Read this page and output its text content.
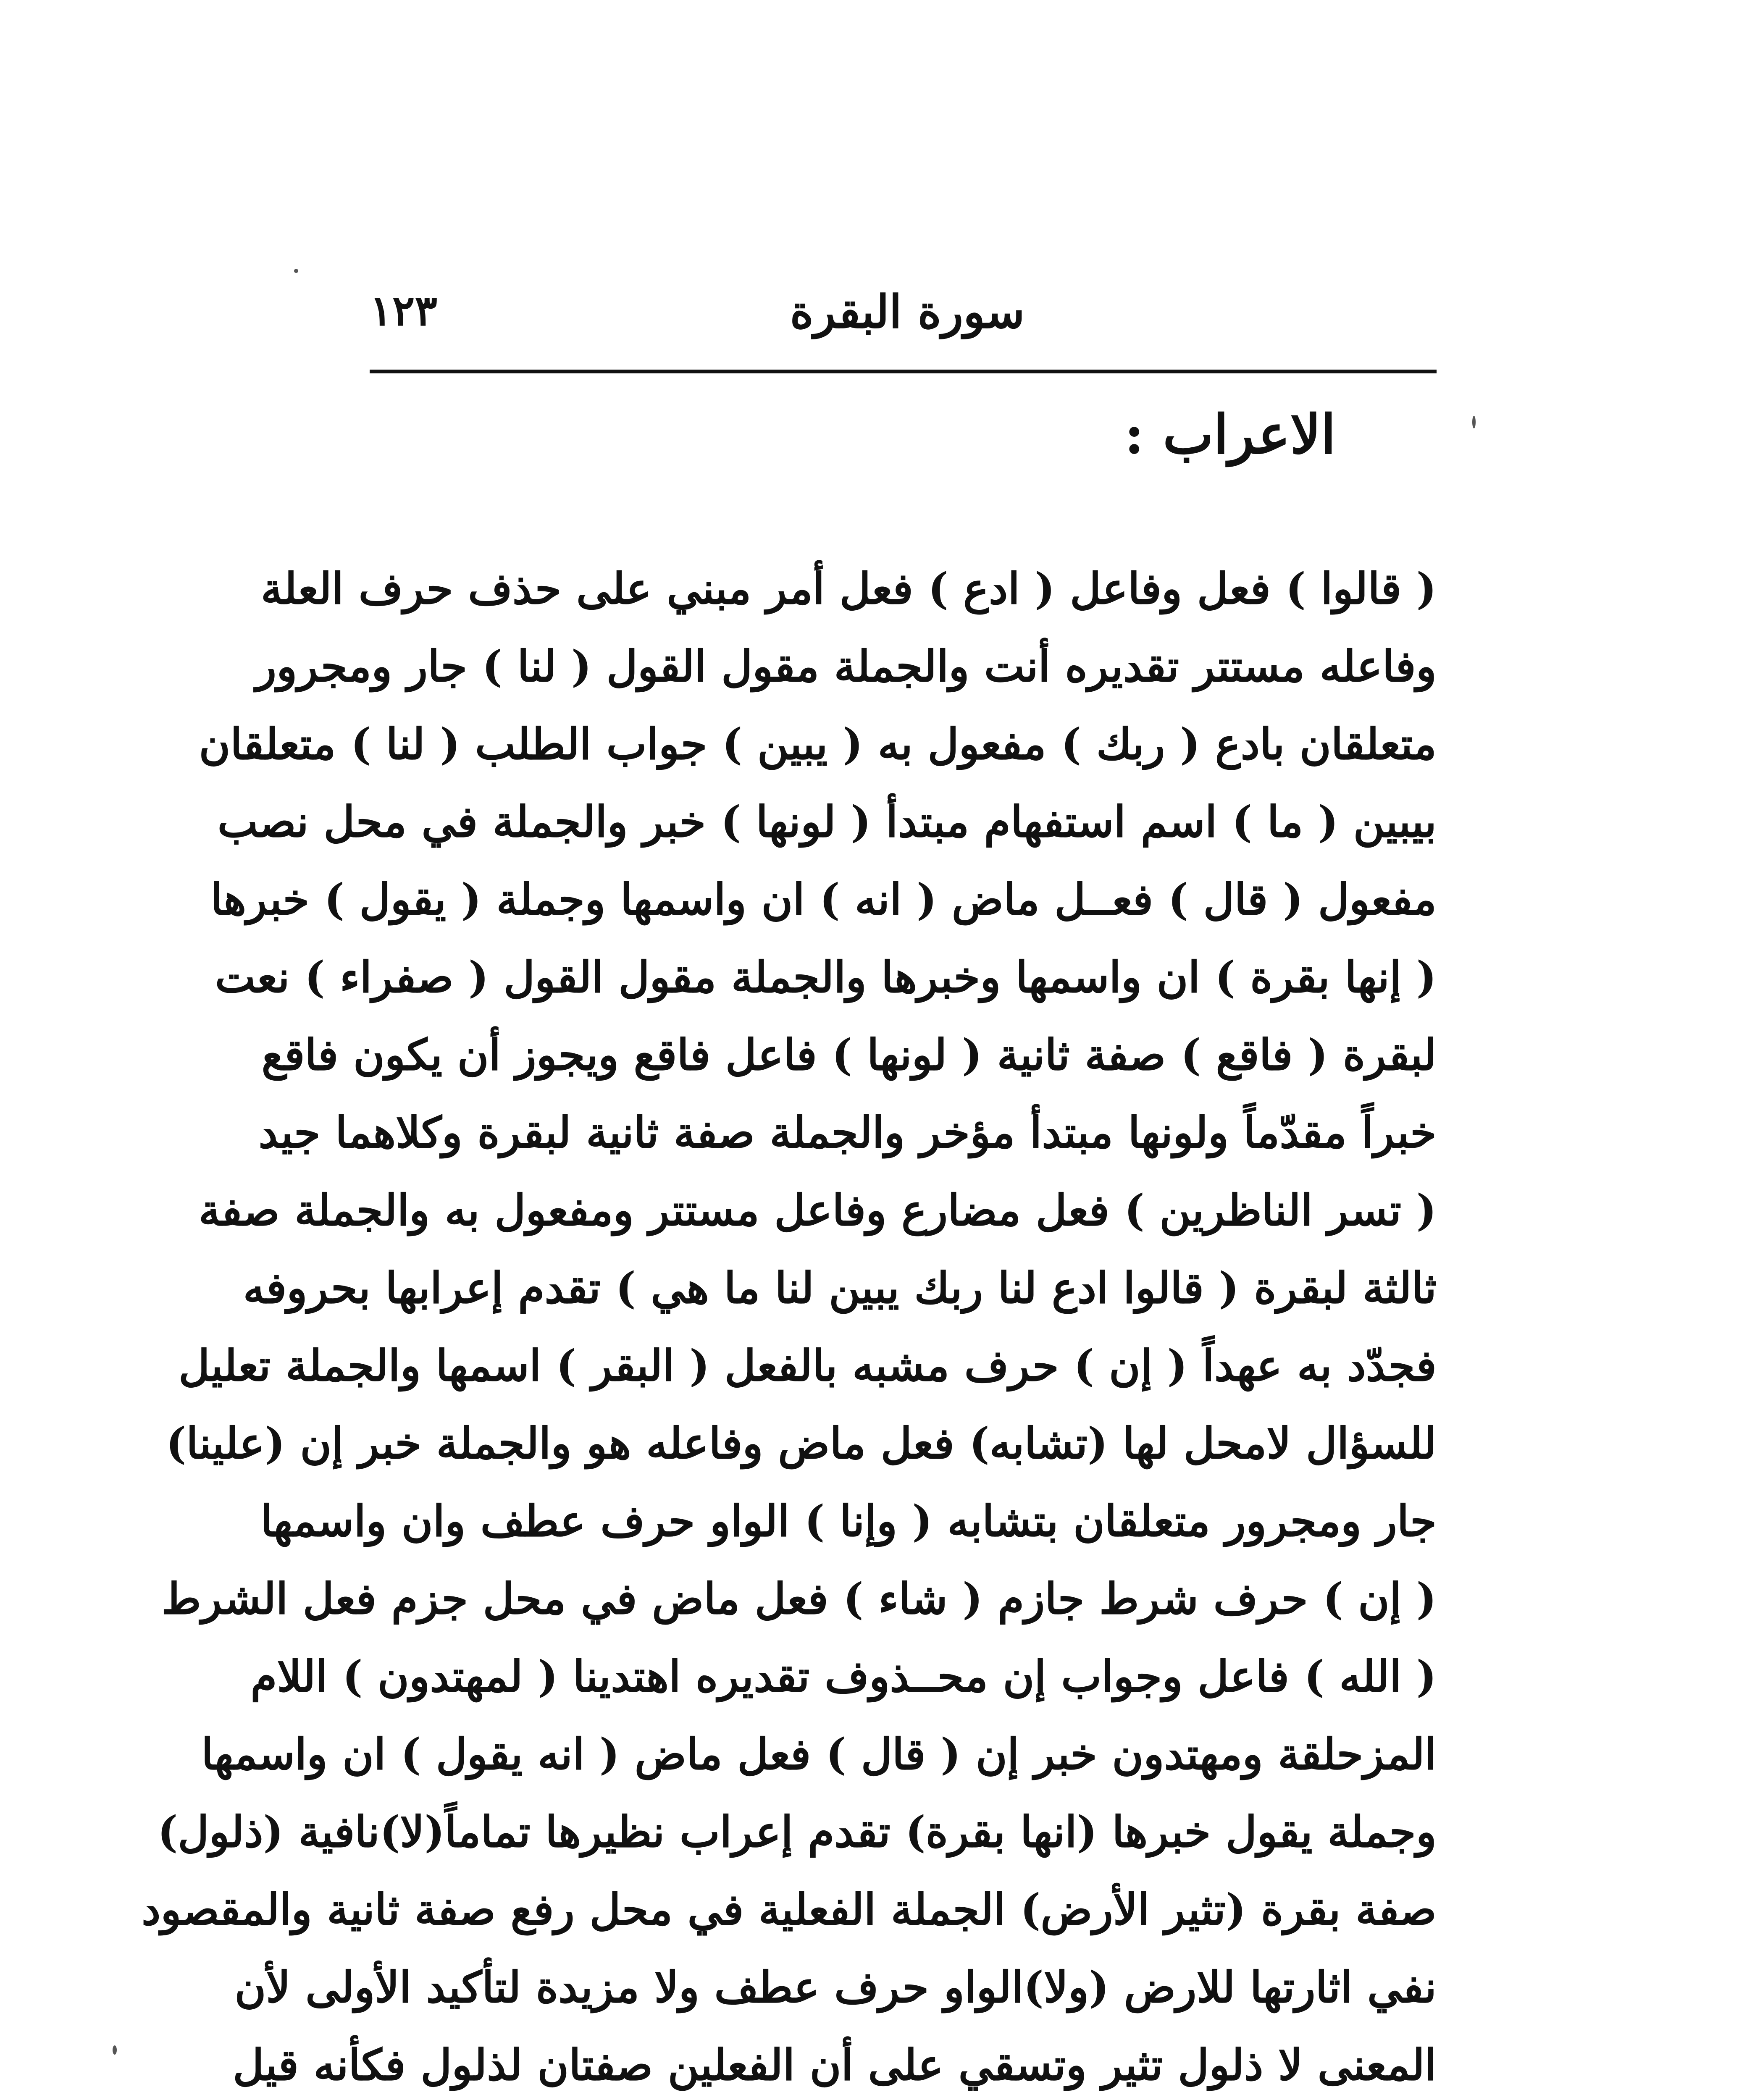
١٢٣	سورة البقرة
الاعراب :
( قالوا ) فعل وفاعل ( ادع ) فعل أمر مبني على حذف حرف العلة
وفاعله مستتر تقديره أنت والجملة مقول القول ( لنا ) جار ومجرور
متعلقان بادع ( ربك ) مفعول به ( يبين ) جواب الطلب ( لنا ) متعلقان
بيبين ( ما ) اسم استفهام مبتدأ ( لونها ) خبر والجملة في محل نصب
مفعول ( قال ) فعــل ماض ( انه ) ان واسمها وجملة ( يقول ) خبرها
( إنها بقرة ) ان واسمها وخبرها والجملة مقول القول ( صفراء ) نعت
لبقرة ( فاقع ) صفة ثانية ( لونها ) فاعل فاقع ويجوز أن يكون فاقع
خبراً مقدّماً ولونها مبتدأ مؤخر والجملة صفة ثانية لبقرة وكلاهما جيد
( تسر الناظرين ) فعل مضارع وفاعل مستتر ومفعول به والجملة صفة
ثالثة لبقرة ( قالوا ادع لنا ربك يبين لنا ما هي ) تقدم إعرابها بحروفه
فجدّد به عهداً ( إن ) حرف مشبه بالفعل ( البقر ) اسمها والجملة تعليل
للسؤال لامحل لها (تشابه) فعل ماض وفاعله هو والجملة خبر إن (علينا)
جار ومجرور متعلقان بتشابه ( وإنا ) الواو حرف عطف وان واسمها
( إن ) حرف شرط جازم ( شاء ) فعل ماض في محل جزم فعل الشرط
( الله ) فاعل وجواب إن محــذوف تقديره اهتدينا ( لمهتدون ) اللام
المزحلقة ومهتدون خبر إن ( قال ) فعل ماض ( انه يقول ) ان واسمها
وجملة يقول خبرها (انها بقرة) تقدم إعراب نظيرها تماماً(لا)نافية (ذلول)
صفة بقرة (تثير الأرض) الجملة الفعلية في محل رفع صفة ثانية والمقصود
نفي اثارتها للارض (ولا)الواو حرف عطف ولا مزيدة لتأكيد الأولى لأن
المعنى لا ذلول تثير وتسقي على أن الفعلين صفتان لذلول فكأنه قيل
